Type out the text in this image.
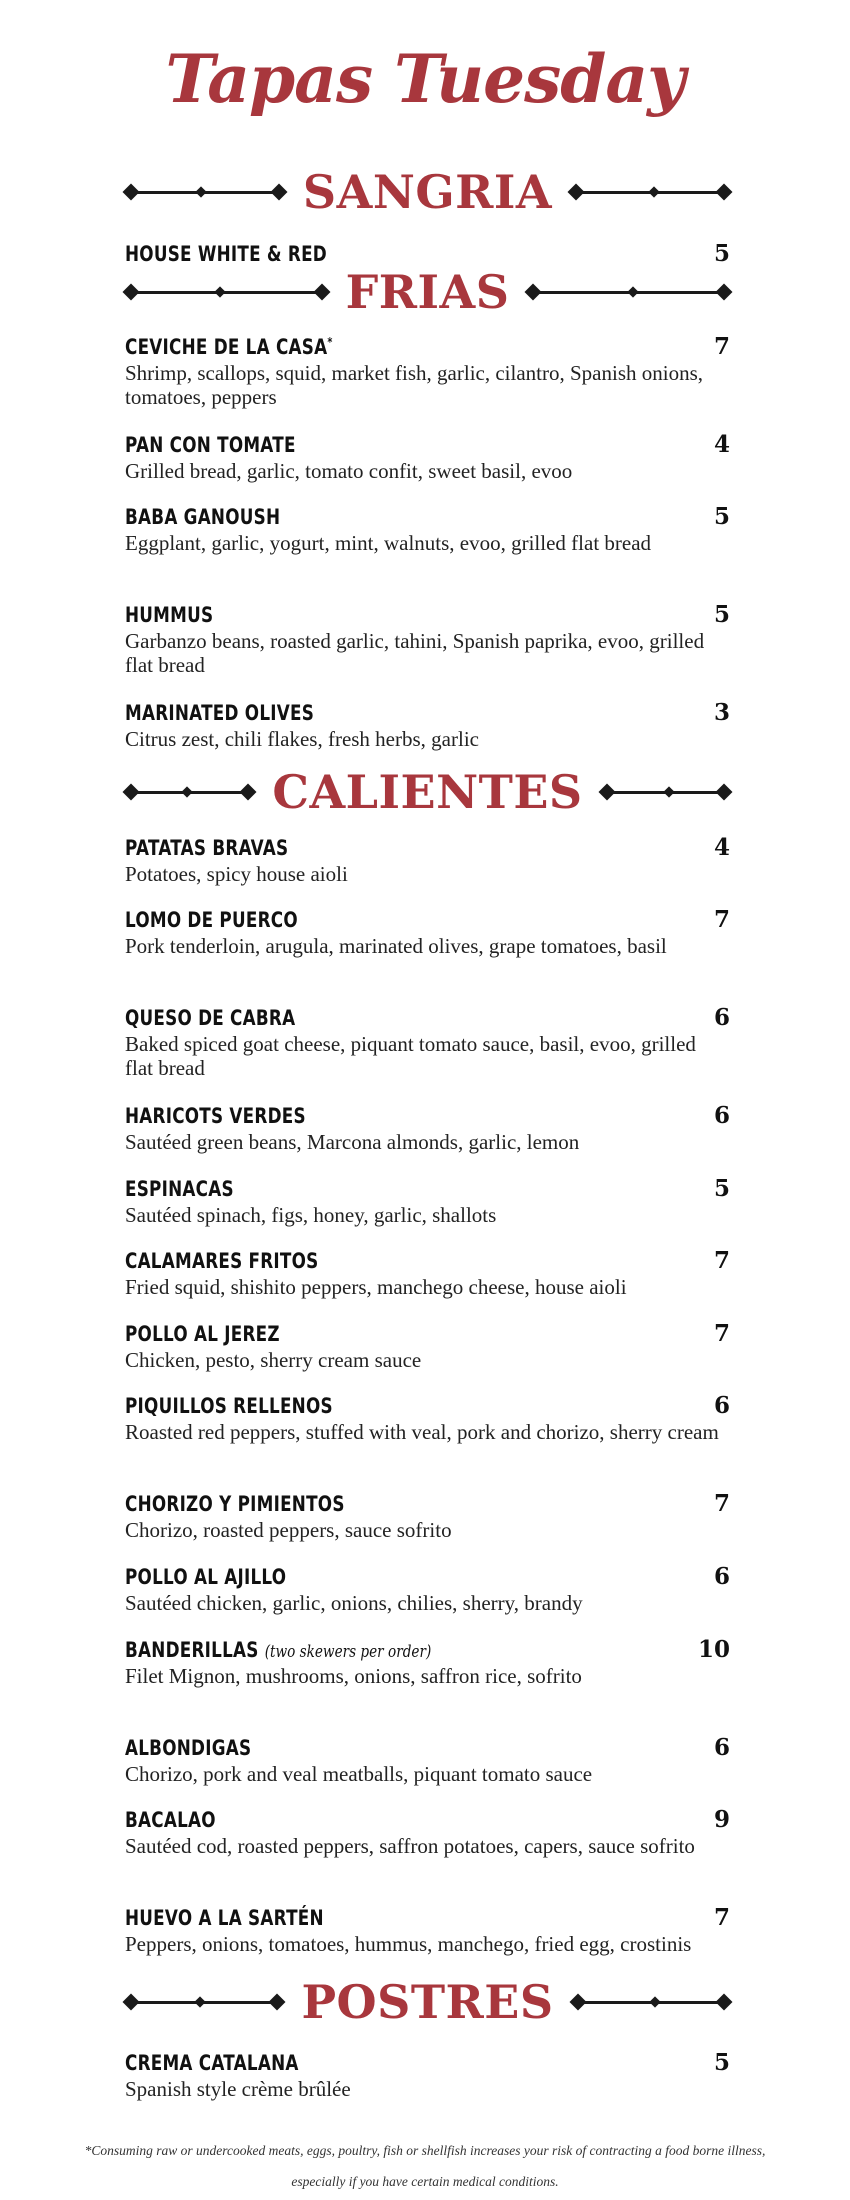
Tapas Tuesday
SANGRIA
HOUSE WHITE & RED	5
FRIAS
CEVICHE DE LA CASA*	7
Shrimp, scallops, squid, market fish, garlic, cilantro, Spanish onions, tomatoes, peppers
PAN CON TOMATE	4
Grilled bread, garlic, tomato confit, sweet basil, evoo
BABA GANOUSH	5
Eggplant, garlic, yogurt, mint, walnuts, evoo, grilled flat bread
HUMMUS	5
Garbanzo beans, roasted garlic, tahini, Spanish paprika, evoo, grilled flat bread
MARINATED OLIVES	3
Citrus zest, chili flakes, fresh herbs, garlic
CALIENTES
PATATAS BRAVAS	4
Potatoes, spicy house aioli
LOMO DE PUERCO	7
Pork tenderloin, arugula, marinated olives, grape tomatoes, basil
QUESO DE CABRA	6
Baked spiced goat cheese, piquant tomato sauce, basil, evoo, grilled flat bread
HARICOTS VERDES	6
Sautéed green beans, Marcona almonds, garlic, lemon
ESPINACAS	5
Sautéed spinach, figs, honey, garlic, shallots
CALAMARES FRITOS	7
Fried squid, shishito peppers, manchego cheese, house aioli
POLLO AL JEREZ	7
Chicken, pesto, sherry cream sauce
PIQUILLOS RELLENOS	6
Roasted red peppers, stuffed with veal, pork and chorizo, sherry cream
CHORIZO Y PIMIENTOS	7
Chorizo, roasted peppers, sauce sofrito
POLLO AL AJILLO	6
Sautéed chicken, garlic, onions, chilies, sherry, brandy
BANDERILLAS (two skewers per order)	10
Filet Mignon, mushrooms, onions, saffron rice, sofrito
ALBONDIGAS	6
Chorizo, pork and veal meatballs, piquant tomato sauce
BACALAO	9
Sautéed cod, roasted peppers, saffron potatoes, capers, sauce sofrito
HUEVO A LA SARTÉN	7
Peppers, onions, tomatoes, hummus, manchego, fried egg, crostinis
POSTRES
CREMA CATALANA	5
Spanish style crème brûlée

*Consuming raw or undercooked meats, eggs, poultry, fish or shellfish increases your risk of contracting a food borne illness,
especially if you have certain medical conditions.
